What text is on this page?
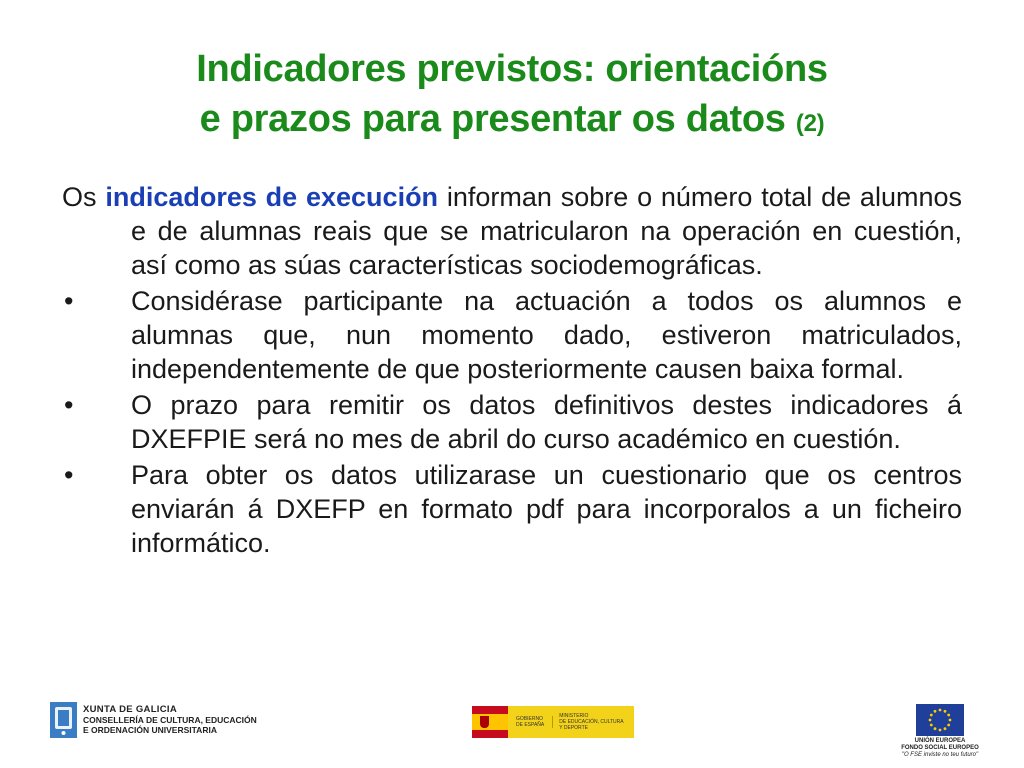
Indicadores previstos: orientacións
e prazos para presentar os datos (2)

Os indicadores de execución informan sobre o número total de alumnos e de alumnas reais que se matricularon na operación en cuestión, así como as súas características sociodemográficas.

•	Considérase participante na actuación a todos os alumnos e alumnas que, nun momento dado, estiveron matriculados, independentemente de que posteriormente causen baixa formal.
•	O prazo para remitir os datos definitivos destes indicadores á DXEFPIE será no mes de abril do curso académico en cuestión.
•	Para obter os datos utilizarase un cuestionario que os centros enviarán á DXEFP en formato pdf para incorporalos a un ficheiro informático.
XUNTA DE GALICIA
CONSELLERÍA DE CULTURA, EDUCACIÓN
E ORDENACIÓN UNIVERSITARIA
GOBIERNO
DE ESPAÑA
MINISTERIO
DE EDUCACIÓN, CULTURA
Y DEPORTE
UNIÓN EUROPEA
FONDO SOCIAL EUROPEO
"O FSE inviste no teu futuro"
